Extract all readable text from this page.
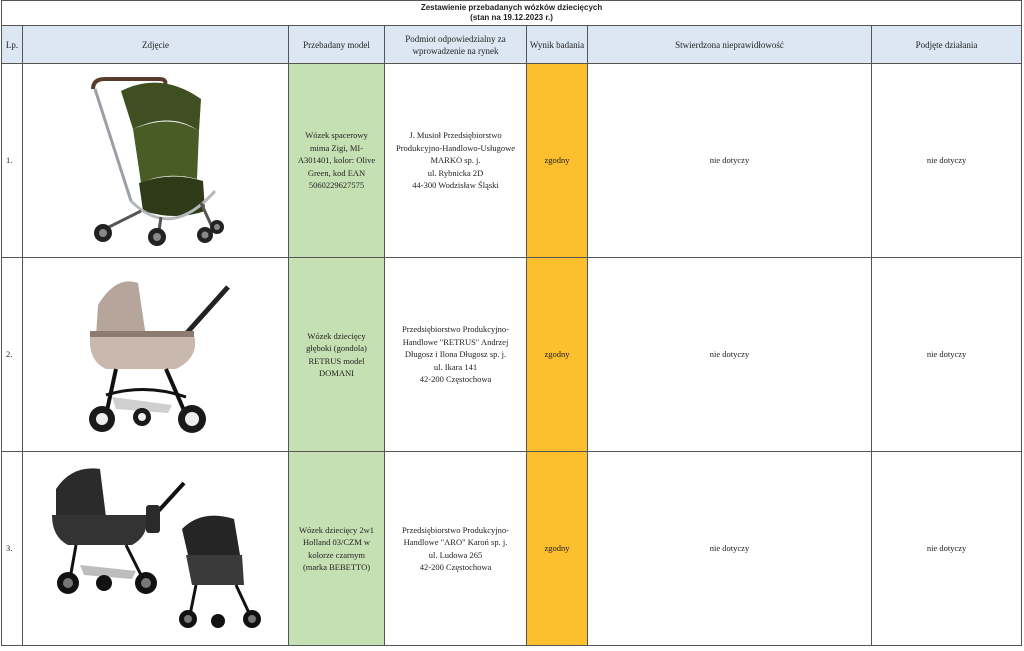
Zestawienie przebadanych wózków dziecięcych
(stan na 19.12.2023 r.)						

Lp.	Zdjęcie	Przebadany model	Podmiot odpowiedzialny za wprowadzenie na rynek	Wynik badania	Stwierdzona nieprawidłowość	Podjęte działania
1.		Wózek spacerowy mima Zigi, MI-A301401, kolor: Olive Green, kod EAN 5060229627575	J. Musioł Przedsiębiorstwo
Produkcyjno-Handlowo-Usługowe
MARKO sp. j.
ul. Rybnicka 2D
44-300 Wodzisław Śląski	zgodny	nie dotyczy	nie dotyczy
2.		Wózek dziecięcy głęboki (gondola) RETRUS model DOMANI	Przedsiębiorstwo Produkcyjno-
Handlowe "RETRUS" Andrzej
Długosz i Ilona Długosz sp. j.
ul. Ikara 141
42-200 Częstochowa	zgodny	nie dotyczy	nie dotyczy
3.		Wózek dziecięcy 2w1 Holland 03/CZM w kolorze czarnym (marka BEBETTO)	Przedsiębiorstwo Produkcyjno-
Handlowe "ARO" Karoń sp. j.
ul. Ludowa 265
42-200 Częstochowa	zgodny	nie dotyczy	nie dotyczy
